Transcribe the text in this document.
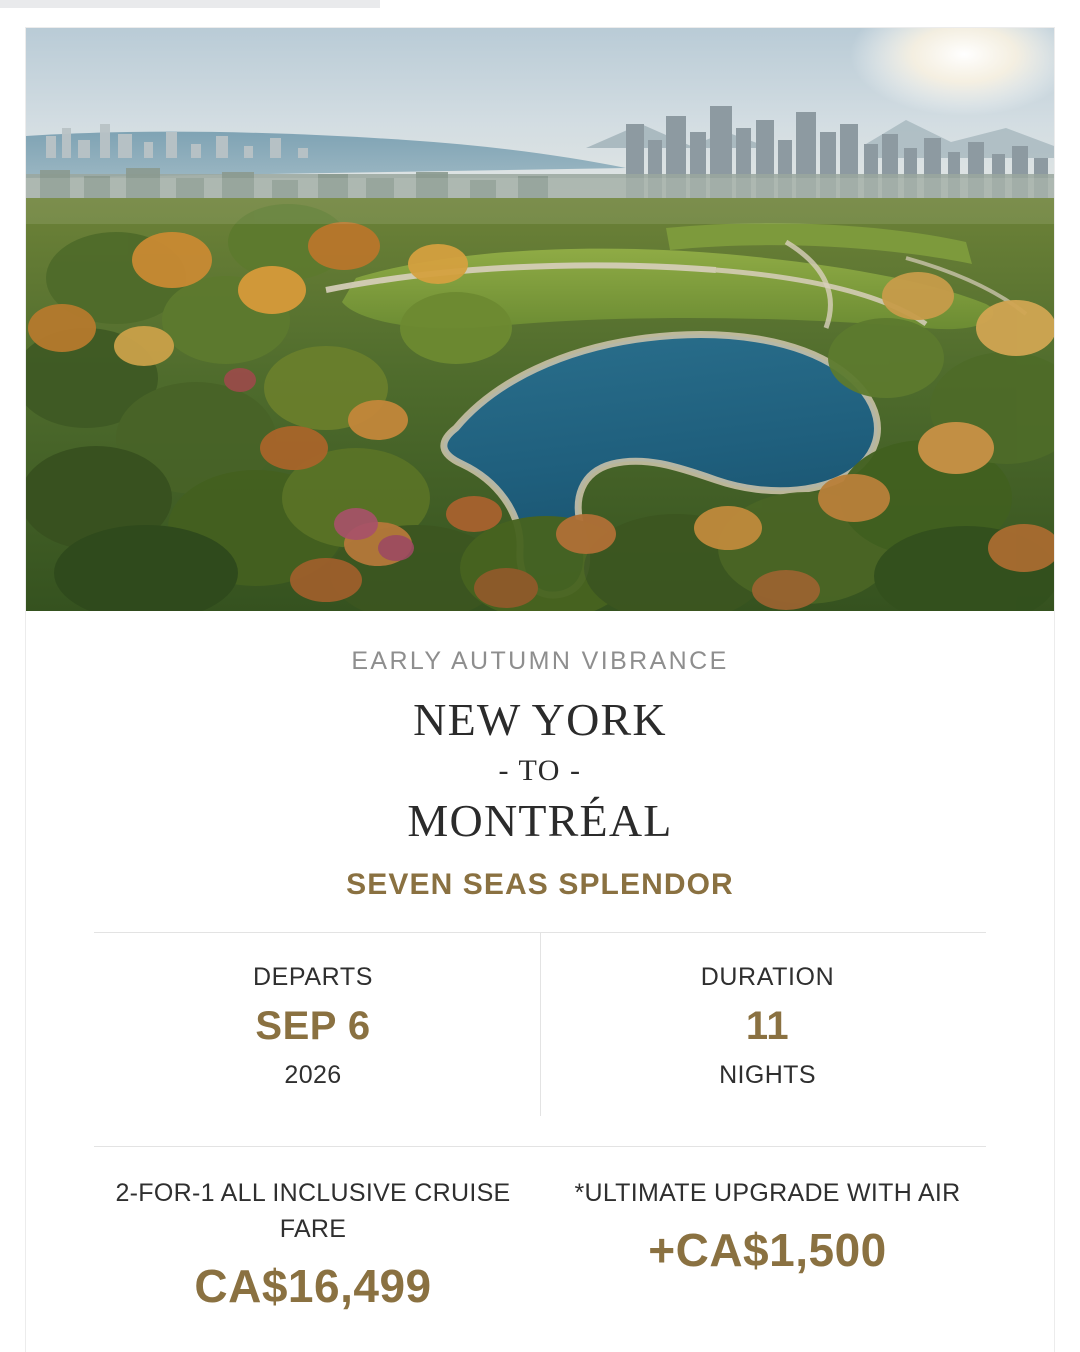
EARLY AUTUMN VIBRANCE
NEW YORK
- TO -
MONTRÉAL
SEVEN SEAS SPLENDOR
DEPARTS
SEP 6
2026
DURATION
11
NIGHTS
2-FOR-1 ALL INCLUSIVE CRUISE FARE
CA$16,499
*ULTIMATE UPGRADE WITH AIR
+CA$1,500
